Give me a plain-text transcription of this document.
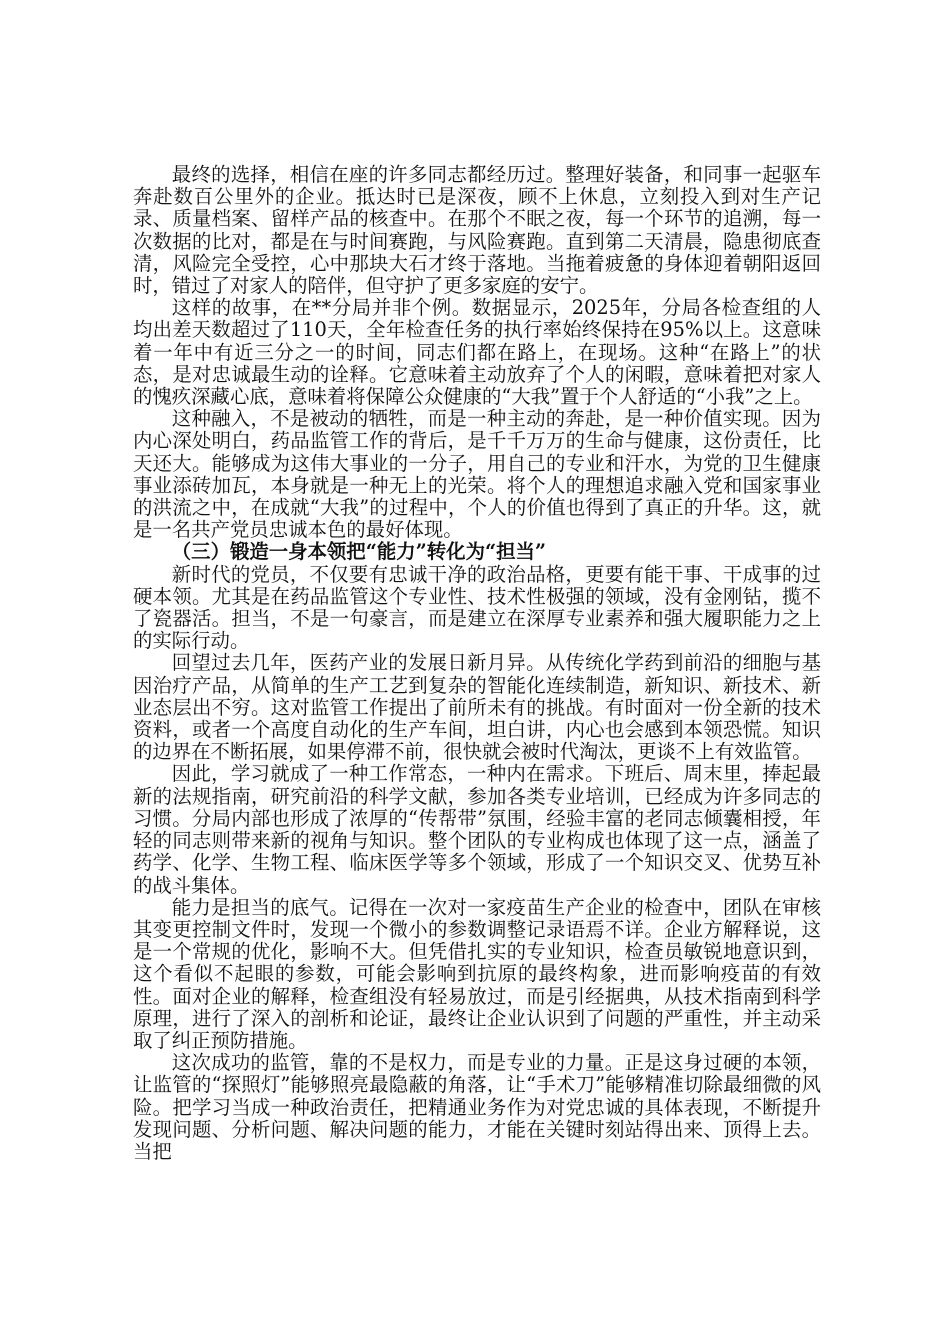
最终的选择，相信在座的许多同志都经历过。整理好装备，和同事一起驱车奔赴数百公里外的企业。抵达时已是深夜，顾不上休息，立刻投入到对生产记录、质量档案、留样产品的核查中。在那个不眠之夜，每一个环节的追溯，每一次数据的比对，都是在与时间赛跑，与风险赛跑。直到第二天清晨，隐患彻底查清，风险完全受控，心中那块大石才终于落地。当拖着疲惫的身体迎着朝阳返回时，错过了对家人的陪伴，但守护了更多家庭的安宁。

这样的故事，在**分局并非个例。数据显示，2025年，分局各检查组的人均出差天数超过了110天，全年检查任务的执行率始终保持在95%以上。这意味着一年中有近三分之一的时间，同志们都在路上，在现场。这种“在路上”的状态，是对忠诚最生动的诠释。它意味着主动放弃了个人的闲暇，意味着把对家人的愧疚深藏心底，意味着将保障公众健康的“大我”置于个人舒适的“小我”之上。

这种融入，不是被动的牺牲，而是一种主动的奔赴，是一种价值实现。因为内心深处明白，药品监管工作的背后，是千千万万的生命与健康，这份责任，比天还大。能够成为这伟大事业的一分子，用自己的专业和汗水，为党的卫生健康事业添砖加瓦，本身就是一种无上的光荣。将个人的理想追求融入党和国家事业的洪流之中，在成就“大我”的过程中，个人的价值也得到了真正的升华。这，就是一名共产党员忠诚本色的最好体现。

（三）锻造一身本领把“能力”转化为“担当”

新时代的党员，不仅要有忠诚干净的政治品格，更要有能干事、干成事的过硬本领。尤其是在药品监管这个专业性、技术性极强的领域，没有金刚钻，揽不了瓷器活。担当，不是一句豪言，而是建立在深厚专业素养和强大履职能力之上的实际行动。

回望过去几年，医药产业的发展日新月异。从传统化学药到前沿的细胞与基因治疗产品，从简单的生产工艺到复杂的智能化连续制造，新知识、新技术、新业态层出不穷。这对监管工作提出了前所未有的挑战。有时面对一份全新的技术资料，或者一个高度自动化的生产车间，坦白讲，内心也会感到本领恐慌。知识的边界在不断拓展，如果停滞不前，很快就会被时代淘汰，更谈不上有效监管。

因此，学习就成了一种工作常态，一种内在需求。下班后、周末里，捧起最新的法规指南，研究前沿的科学文献，参加各类专业培训，已经成为许多同志的习惯。分局内部也形成了浓厚的“传帮带”氛围，经验丰富的老同志倾囊相授，年轻的同志则带来新的视角与知识。整个团队的专业构成也体现了这一点，涵盖了药学、化学、生物工程、临床医学等多个领域，形成了一个知识交叉、优势互补的战斗集体。

能力是担当的底气。记得在一次对一家疫苗生产企业的检查中，团队在审核其变更控制文件时，发现一个微小的参数调整记录语焉不详。企业方解释说，这是一个常规的优化，影响不大。但凭借扎实的专业知识，检查员敏锐地意识到，这个看似不起眼的参数，可能会影响到抗原的最终构象，进而影响疫苗的有效性。面对企业的解释，检查组没有轻易放过，而是引经据典，从技术指南到科学原理，进行了深入的剖析和论证，最终让企业认识到了问题的严重性，并主动采取了纠正预防措施。

这次成功的监管，靠的不是权力，而是专业的力量。正是这身过硬的本领，让监管的“探照灯”能够照亮最隐蔽的角落，让“手术刀”能够精准切除最细微的风险。把学习当成一种政治责任，把精通业务作为对党忠诚的具体表现，不断提升发现问题、分析问题、解决问题的能力，才能在关键时刻站得出来、顶得上去。当把
